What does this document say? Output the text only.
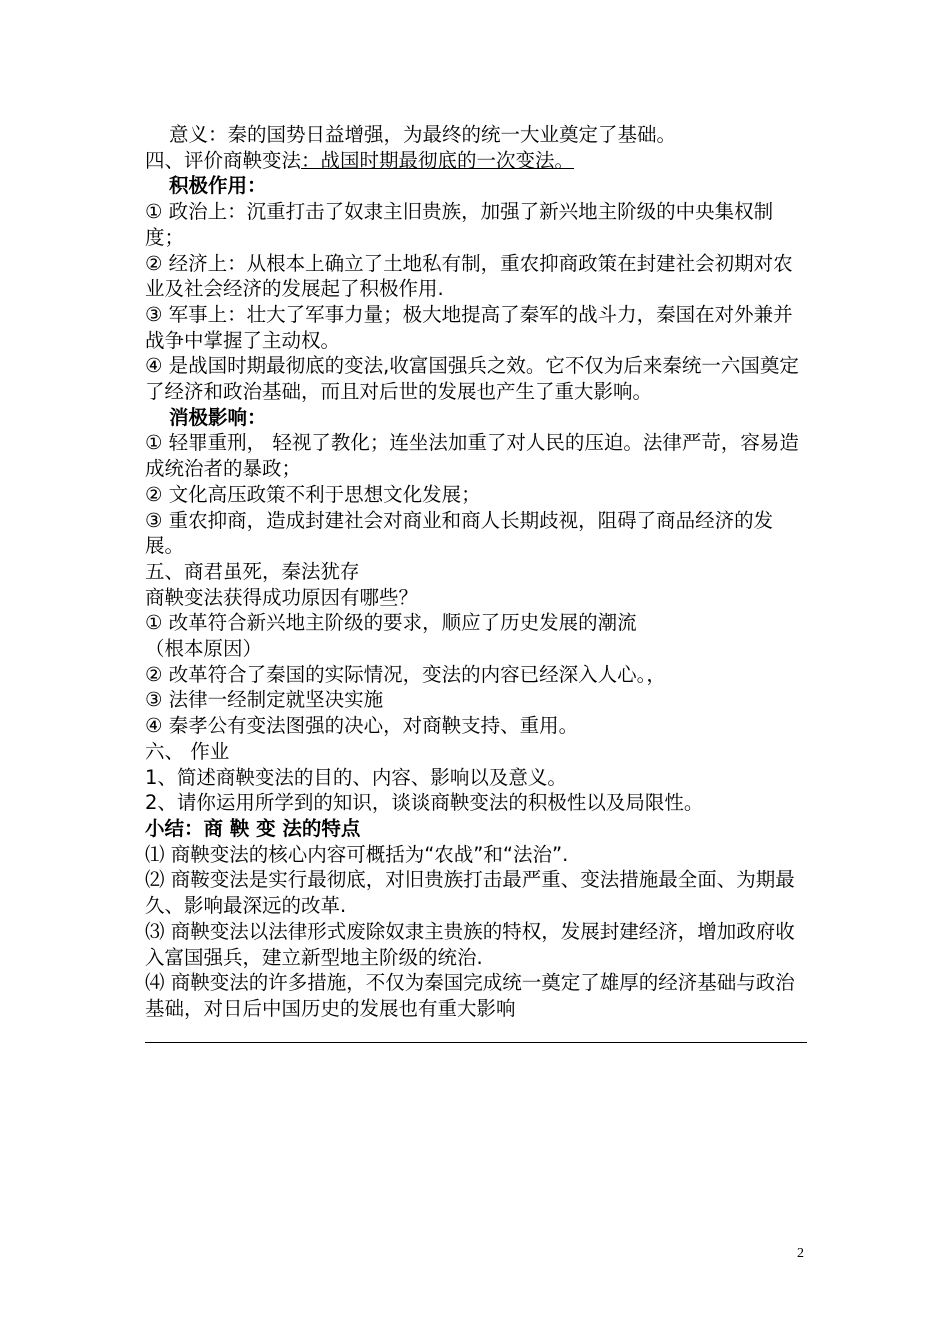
意义：秦的国势日益增强，为最终的统一大业奠定了基础。
四、评价商鞅变法：战国时期最彻底的一次变法。
积极作用：
① 政治上：沉重打击了奴隶主旧贵族，加强了新兴地主阶级的中央集权制度；
② 经济上：从根本上确立了土地私有制，重农抑商政策在封建社会初期对农业及社会经济的发展起了积极作用.
③ 军事上：壮大了军事力量；极大地提高了秦军的战斗力，秦国在对外兼并战争中掌握了主动权。
④ 是战国时期最彻底的变法,收富国强兵之效。它不仅为后来秦统一六国奠定了经济和政治基础，而且对后世的发展也产生了重大影响。
消极影响：
① 轻罪重刑， 轻视了教化；连坐法加重了对人民的压迫。法律严苛，容易造成统治者的暴政；
② 文化高压政策不利于思想文化发展；
③ 重农抑商，造成封建社会对商业和商人长期歧视，阻碍了商品经济的发展。
五、商君虽死，秦法犹存
商鞅变法获得成功原因有哪些？
① 改革符合新兴地主阶级的要求，顺应了历史发展的潮流
（根本原因）
② 改革符合了秦国的实际情况，变法的内容已经深入人心。，
③ 法律一经制定就坚决实施
④ 秦孝公有变法图强的决心，对商鞅支持、重用。
六、 作业
1、简述商鞅变法的目的、内容、影响以及意义。
2、请你运用所学到的知识，谈谈商鞅变法的积极性以及局限性。
小结：商 鞅 变 法的特点
⑴ 商鞅变法的核心内容可概括为“农战”和“法治”.
⑵ 商鞍变法是实行最彻底，对旧贵族打击最严重、变法措施最全面、为期最久、影响最深远的改革.
⑶ 商鞅变法以法律形式废除奴隶主贵族的特权，发展封建经济，增加政府收入富国强兵，建立新型地主阶级的统治.
⑷ 商鞅变法的许多措施，不仅为秦国完成统一奠定了雄厚的经济基础与政治基础，对日后中国历史的发展也有重大影响
2
